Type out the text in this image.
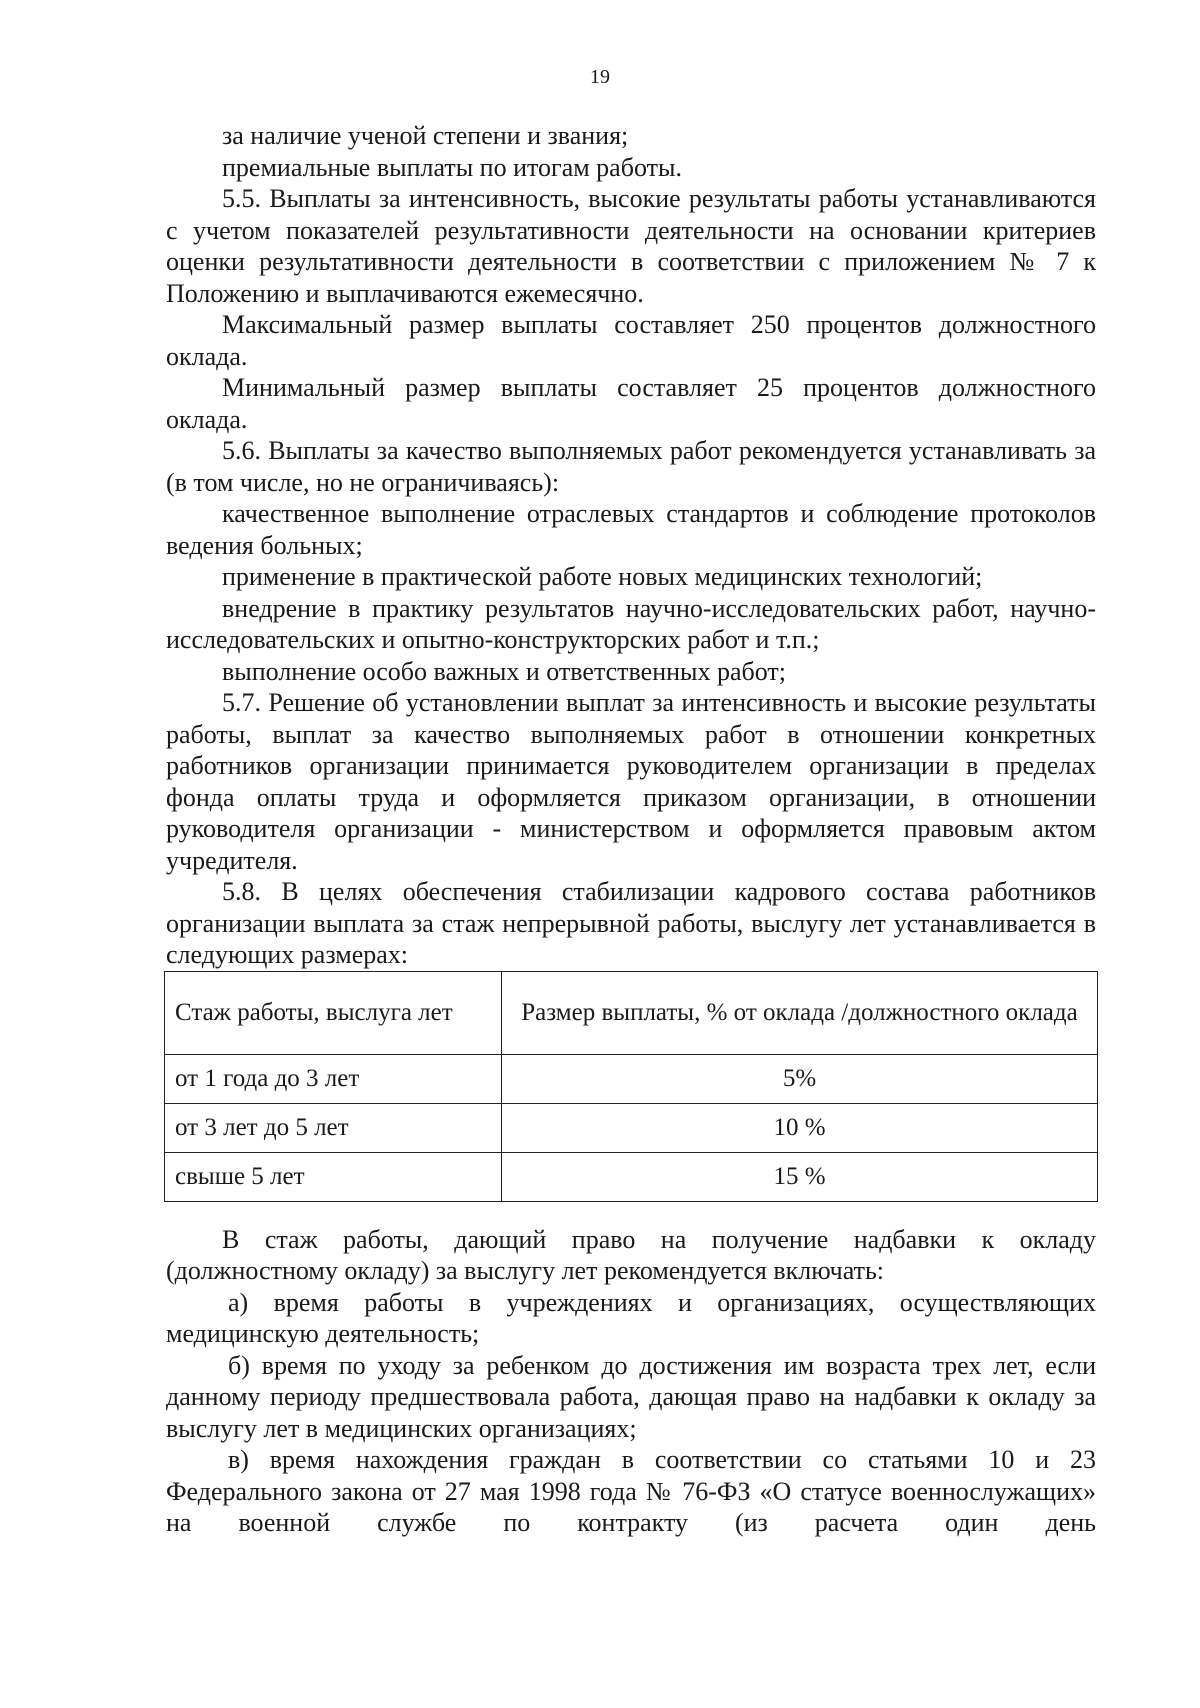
19

за наличие ученой степени и звания;

премиальные выплаты по итогам работы.

5.5. Выплаты за интенсивность, высокие результаты работы устанавливаются с учетом показателей результативности деятельности на основании критериев оценки результативности деятельности в соответствии с приложением № 7 к Положению и выплачиваются ежемесячно.

Максимальный размер выплаты составляет 250 процентов должностного оклада.

Минимальный размер выплаты составляет 25 процентов должностного оклада.

5.6. Выплаты за качество выполняемых работ рекомендуется устанавливать за (в том числе, но не ограничиваясь):

качественное выполнение отраслевых стандартов и соблюдение протоколов ведения больных;

применение в практической работе новых медицинских технологий;

внедрение в практику результатов научно-исследовательских работ, научно-исследовательских и опытно-конструкторских работ и т.п.;

выполнение особо важных и ответственных работ;

5.7. Решение об установлении выплат за интенсивность и высокие результаты работы, выплат за качество выполняемых работ в отношении конкретных работников организации принимается руководителем организации в пределах фонда оплаты труда и оформляется приказом организации, в отношении руководителя организации - министерством и оформляется правовым актом учредителя.

5.8. В целях обеспечения стабилизации кадрового состава работников организации выплата за стаж непрерывной работы, выслугу лет устанавливается в следующих размерах:

Стаж работы, выслуга лет	Размер выплаты, % от оклада /должностного оклада
от 1 года до 3 лет	5%
от 3 лет до 5 лет	10 %
свыше 5 лет	15 %

В стаж работы, дающий право на получение надбавки к окладу (должностному окладу) за выслугу лет рекомендуется включать:

а) время работы в учреждениях и организациях, осуществляющих медицинскую деятельность;

б) время по уходу за ребенком до достижения им возраста трех лет, если данному периоду предшествовала работа, дающая право на надбавки к окладу за выслугу лет в медицинских организациях;

в) время нахождения граждан в соответствии со статьями 10 и 23 Федерального закона от 27 мая 1998 года № 76-ФЗ «О статусе военнослужащих» на военной службе по контракту (из расчета один день
